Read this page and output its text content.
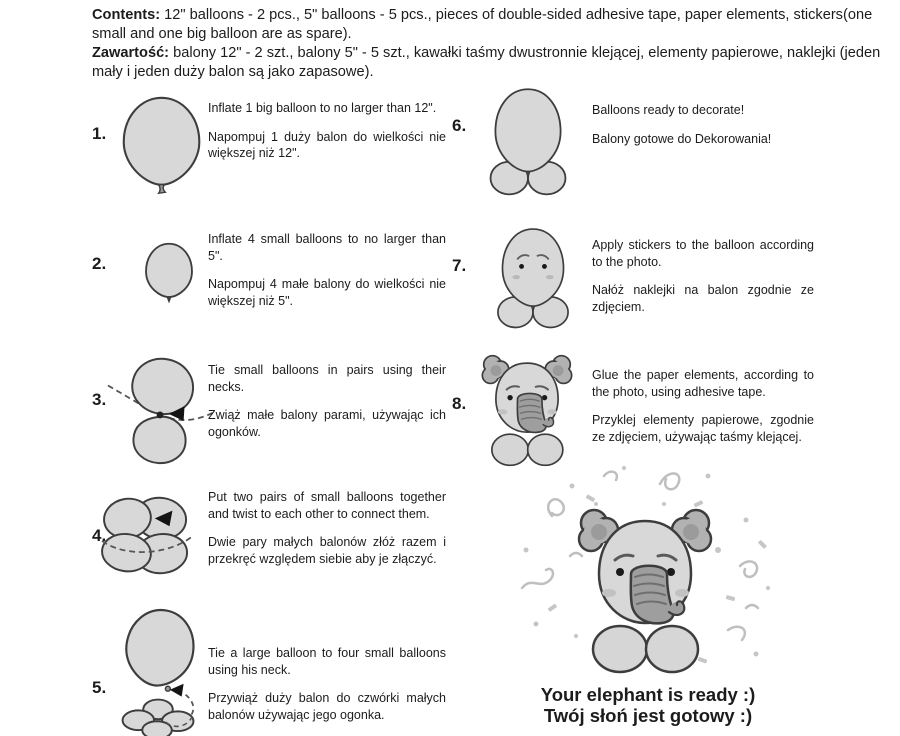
Contents: 12" balloons - 2 pcs., 5" balloons - 5 pcs., pieces of double-sided adhesive tape, paper elements, stickers(one small and one big balloon are as spare).

Zawartość: balony 12" - 2 szt., balony 5" - 5 szt., kawałki taśmy dwustronnie klejącej, elementy papierowe, naklejki (jeden mały i jeden duży balon są jako zapasowe).

1.

Inflate 1 big balloon to no larger than 12".

Napompuj 1 duży balon do wielkości nie większej niż 12".

2.

Inflate 4 small balloons to no larger than 5".

Napompuj 4 małe balony do wielkości nie większej niż 5".

3.

Tie small balloons in pairs using their necks.

Zwiąż małe balony parami, używając ich ogonków.

4.

Put two pairs of small balloons together and twist to each other to connect them.

Dwie pary małych balonów złóż razem i przekręć względem siebie aby je złączyć.

5.

Tie a large balloon to four small balloons using his neck.

Przywiąż duży balon do czwórki małych balonów używając jego ogonka.

6.

Balloons ready to decorate!

Balony gotowe do Dekorowania!

7.

Apply stickers to the balloon according to the photo.

Nałóż naklejki na balon zgodnie ze zdjęciem.

8.

Glue the paper elements, according to the photo, using adhesive tape.

Przyklej elementy papierowe, zgodnie ze zdjęciem, używając taśmy klejącej.

Your elephant is ready :)
Twój słoń jest gotowy :)
